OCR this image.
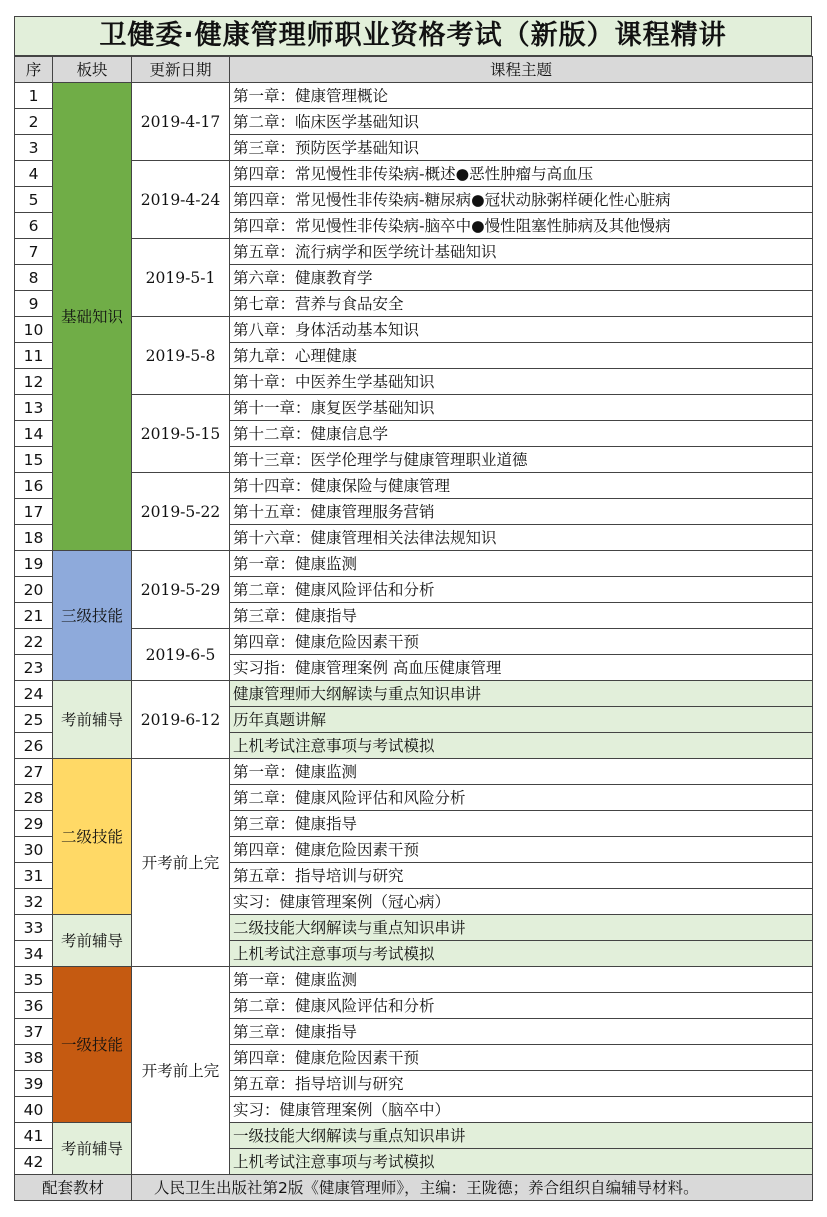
卫健委·健康管理师职业资格考试（新版）课程精讲
序	板块	更新日期	课程主题
1	基础知识	2019-4-17	第一章：健康管理概论
2			第二章：临床医学基础知识
3			第三章：预防医学基础知识
4		2019-4-24	第四章：常见慢性非传染病-概述●恶性肿瘤与高血压
5			第四章：常见慢性非传染病-糖尿病●冠状动脉粥样硬化性心脏病
6			第四章：常见慢性非传染病-脑卒中●慢性阻塞性肺病及其他慢病
7		2019-5-1	第五章：流行病学和医学统计基础知识
8			第六章：健康教育学
9			第七章：营养与食品安全
10		2019-5-8	第八章：身体活动基本知识
11			第九章：心理健康
12			第十章：中医养生学基础知识
13		2019-5-15	第十一章：康复医学基础知识
14			第十二章：健康信息学
15			第十三章：医学伦理学与健康管理职业道德
16		2019-5-22	第十四章：健康保险与健康管理
17			第十五章：健康管理服务营销
18			第十六章：健康管理相关法律法规知识
19	三级技能	2019-5-29	第一章：健康监测
20			第二章：健康风险评估和分析
21			第三章：健康指导
22		2019-6-5	第四章：健康危险因素干预
23			实习指：健康管理案例 高血压健康管理
24	考前辅导	2019-6-12	健康管理师大纲解读与重点知识串讲
25			历年真题讲解
26			上机考试注意事项与考试模拟
27	二级技能	开考前上完	第一章：健康监测
28			第二章：健康风险评估和风险分析
29			第三章：健康指导
30			第四章：健康危险因素干预
31			第五章：指导培训与研究
32			实习：健康管理案例（冠心病）
33	考前辅导		二级技能大纲解读与重点知识串讲
34			上机考试注意事项与考试模拟
35	一级技能	开考前上完	第一章：健康监测
36			第二章：健康风险评估和分析
37			第三章：健康指导
38			第四章：健康危险因素干预
39			第五章：指导培训与研究
40			实习：健康管理案例（脑卒中）
41	考前辅导		一级技能大纲解读与重点知识串讲
42			上机考试注意事项与考试模拟
配套教材		人民卫生出版社第2版《健康管理师》，主编：王陇德；养合组织自编辅导材料。	
